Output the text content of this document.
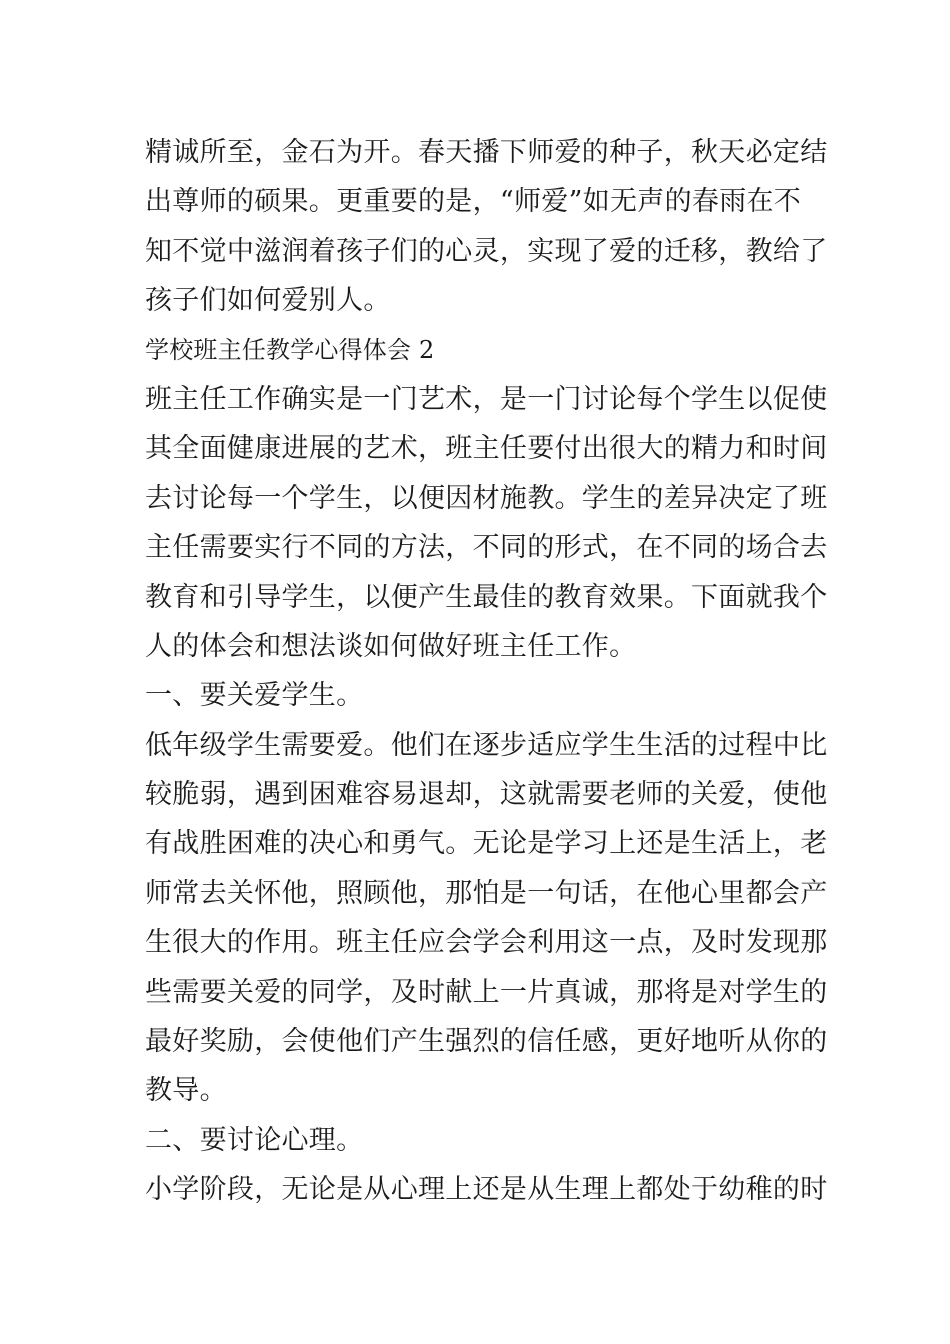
精诚所至，金石为开。春天播下师爱的种子，秋天必定结
出尊师的硕果。更重要的是，“师爱”如无声的春雨在不
知不觉中滋润着孩子们的心灵，实现了爱的迁移，教给了
孩子们如何爱别人。
学校班主任教学心得体会 2
班主任工作确实是一门艺术，是一门讨论每个学生以促使
其全面健康进展的艺术，班主任要付出很大的精力和时间
去讨论每一个学生，以便因材施教。学生的差异决定了班
主任需要实行不同的方法，不同的形式，在不同的场合去
教育和引导学生，以便产生最佳的教育效果。下面就我个
人的体会和想法谈如何做好班主任工作。
一、要关爱学生。
低年级学生需要爱。他们在逐步适应学生生活的过程中比
较脆弱，遇到困难容易退却，这就需要老师的关爱，使他
有战胜困难的决心和勇气。无论是学习上还是生活上，老
师常去关怀他，照顾他，那怕是一句话，在他心里都会产
生很大的作用。班主任应会学会利用这一点，及时发现那
些需要关爱的同学，及时献上一片真诚，那将是对学生的
最好奖励，会使他们产生强烈的信任感，更好地听从你的
教导。
二、要讨论心理。
小学阶段，无论是从心理上还是从生理上都处于幼稚的时
